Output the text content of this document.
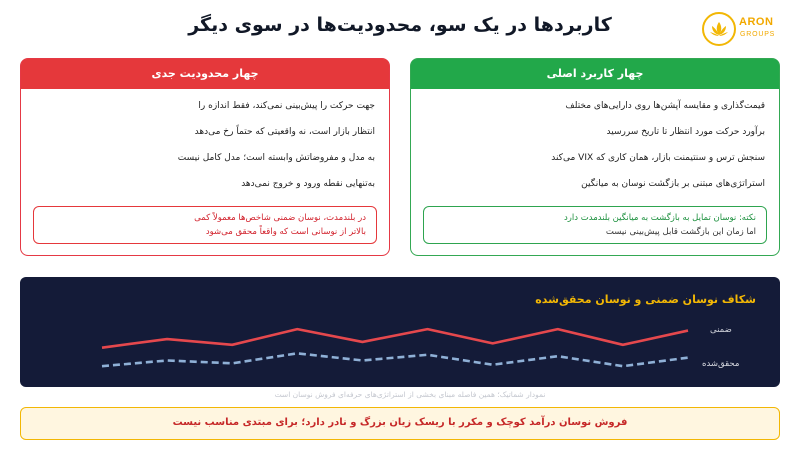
کاربردها در یک سو، محدودیت‌ها در سوی دیگر	ARON
GROUPS
چهار محدودیت جدی
جهت حرکت را پیش‌بینی نمی‌کند، فقط اندازه را
انتظار بازار است، نه واقعیتی که حتماً رخ می‌دهد
به مدل و مفروضاتش وابسته است؛ مدل کامل نیست
به‌تنهایی نقطه ورود و خروج نمی‌دهد
در بلندمدت، نوسان ضمنی شاخص‌ها معمولاً کمی
بالاتر از نوسانی است که واقعاً محقق می‌شود
چهار کاربرد اصلی
قیمت‌گذاری و مقایسه آپشن‌ها روی دارایی‌های مختلف
برآورد حرکت مورد انتظار تا تاریخ سررسید
سنجش ترس و سنتیمنت بازار، همان کاری که VIX می‌کند
استراتژی‌های مبتنی بر بازگشت نوسان به میانگین
نکته: نوسان تمایل به بازگشت به میانگین بلندمدت دارد
اما زمان این بازگشت قابل پیش‌بینی نیست
شکاف نوسان ضمنی و نوسان محقق‌شده
ضمنی
محقق‌شده
نمودار شماتیک؛ همین فاصله مبنای بخشی از استراتژی‌های حرفه‌ای فروش نوسان است
فروش نوسان درآمد کوچک و مکرر با ریسک زیان بزرگ و نادر دارد؛ برای مبتدی مناسب نیست
